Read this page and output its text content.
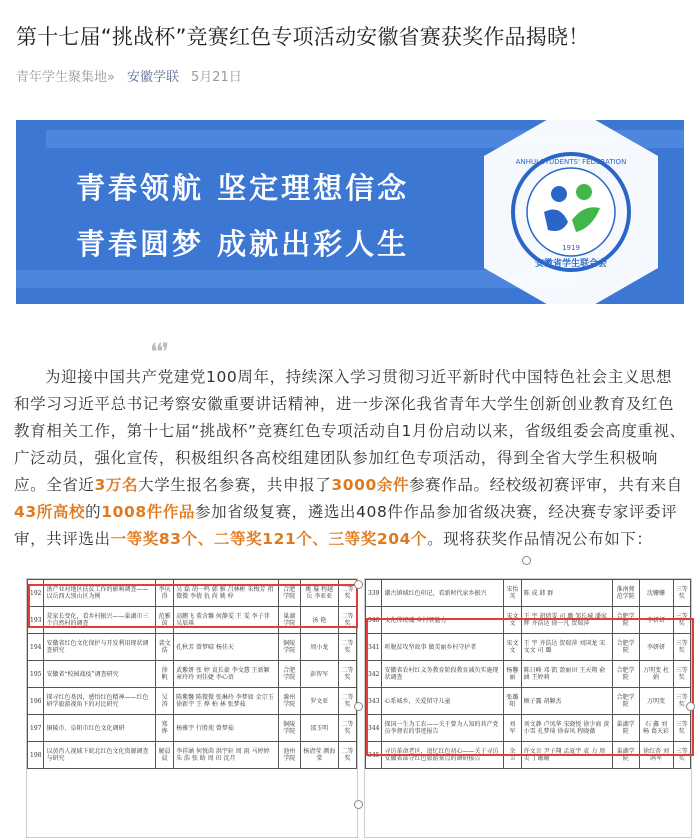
第十七届“挑战杯”竞赛红色专项活动安徽省赛获奖作品揭晓！
青年学生聚集地» 安徽学联 5月21日
1919
安徽省学生联合会
ANHUI STUDENTS' FEDERATION
青春领航 坚定理想信念
青春圆梦 成就出彩人生
❛❛❜
为迎接中国共产党建党100周年，持续深入学习贯彻习近平新时代中国特色社会主义思想和学习习近平总书记考察安徽重要讲话精神，进一步深化我省青年大学生创新创业教育及红色教育相关工作，第十七届“挑战杯”竞赛红色专项活动自1月份启动以来，省级组委会高度重视、广泛动员，强化宣传，积极组织各高校组建团队参加红色专项活动，得到全省大学生积极响应。全省近3万名大学生报名参赛，共申报了3000余件参赛作品。经校级初赛评审，共有来自43所高校的1008件作品参加省级复赛，遴选出408件作品参加省级决赛，经决赛专家评委评审，共评选出一等奖83个、二等奖121个、三等奖204个。现将获奖作品情况公布如下：
192	浙产业对地区扶贫工作的影响调查——以岳西大别山区为例	李庆得	吴 磊 胡一鸣 韩 雅 吕林彬 朱梅芳 祖微微 李倩 仇 尚 姚 梓	合肥学院	姚 璇 程越岳 李亚亚	二等奖
193	荒家长变化，看乡村振兴——巢湖市三个自然村的调查	范雅茵	高鹏飞 董含馨 何静雯 王 雯 李子菲 吴辰琪	巢湖学院	汤 艳	二等奖
194	安徽省红色文化保护与开发利用现状调查研究	裴文浩	孔秋芳 曾梦晴 杨佳天	铜陵学院	周小龙	二等奖
195	安徽省“校园战疫”调查研究	徐 帆	武紫妍 张 婷 袁长豪 李文慧 王新颖 章玲玲 刘佳婕 李心语	合肥学院	彭智军	二等奖
196	探寻红色基因，感悟红色精神——红色研学旅游视角下的对比研究	吴 涛	陈紫馨 陈微微 张琳玲 李梦如 金宗玉 徐新宇 王 烨 柏 林 张梦茹	滁州学院	罗文亚	二等奖
197	铜陵市、阜阳市红色文化调研	郑 烨	杨雅宇 行胜苑 曾梦茹	铜陵学院	邵玉明	二等奖
198	以黄肖人视域下皖北红色文化资源调查与研究	解晨晨	李祥涵 何悦茵 洪宇轩 周 雨 马婷婷 朱 浩 张 晗 周 田 沈月	池州学院	杨清莹 颜海棠	二等奖
339	潮古镇域红色印记，看新时代家乡振兴	宋怡英	陈 成 韩 群	淮南师范学院	沈姗姗	三等奖
340	文化传统魂 乡村显魅力	宋文文	王 宇 胡倩雯 司 璐 邹长城 潘家辉 齐浩达 徐一凡 贺瑞萍	合肥学院	李妍妍	三等奖
341	听脱贫攻坚故事 做美丽乡村守护者	宋文文	王 宇 齐浩达 贺瑞萍 刘国龙 宋文文 司 璐	合肥学院	李妍妍	三等奖
342	安徽省农村红义务教育阶段教育减负实施现状调查	杨馨丽	陈日峰 邓 凯 盈丽田 王天翔 俞 涵 王婷莉	合肥学院	万明变 杜 娟	三等奖
343	心系城乡，关爱留守儿童	张璐阳	顾子露 胡颖杰	合肥学院	万明变	三等奖
344	探国一生为工农——关于曾为人知的共产党员李督农的事迹报告	刘 军	刘文静 卢凤华 宋晓悦 徐少商 黄小雪 孔梦琦 徐春风 程晓薇	巢湖学院	石 鑫 刘 畅 葛天彩	三等奖
345	寻访革命老区，追忆红色初心——关于寻访安徽省部分红色旅游景点的调研报告	余 卫	许文言 尹子翔 孟夏宇 袁 力 周 美 丁珊珊	巢湖学院	徐红杏 刘鸿军	三等奖
